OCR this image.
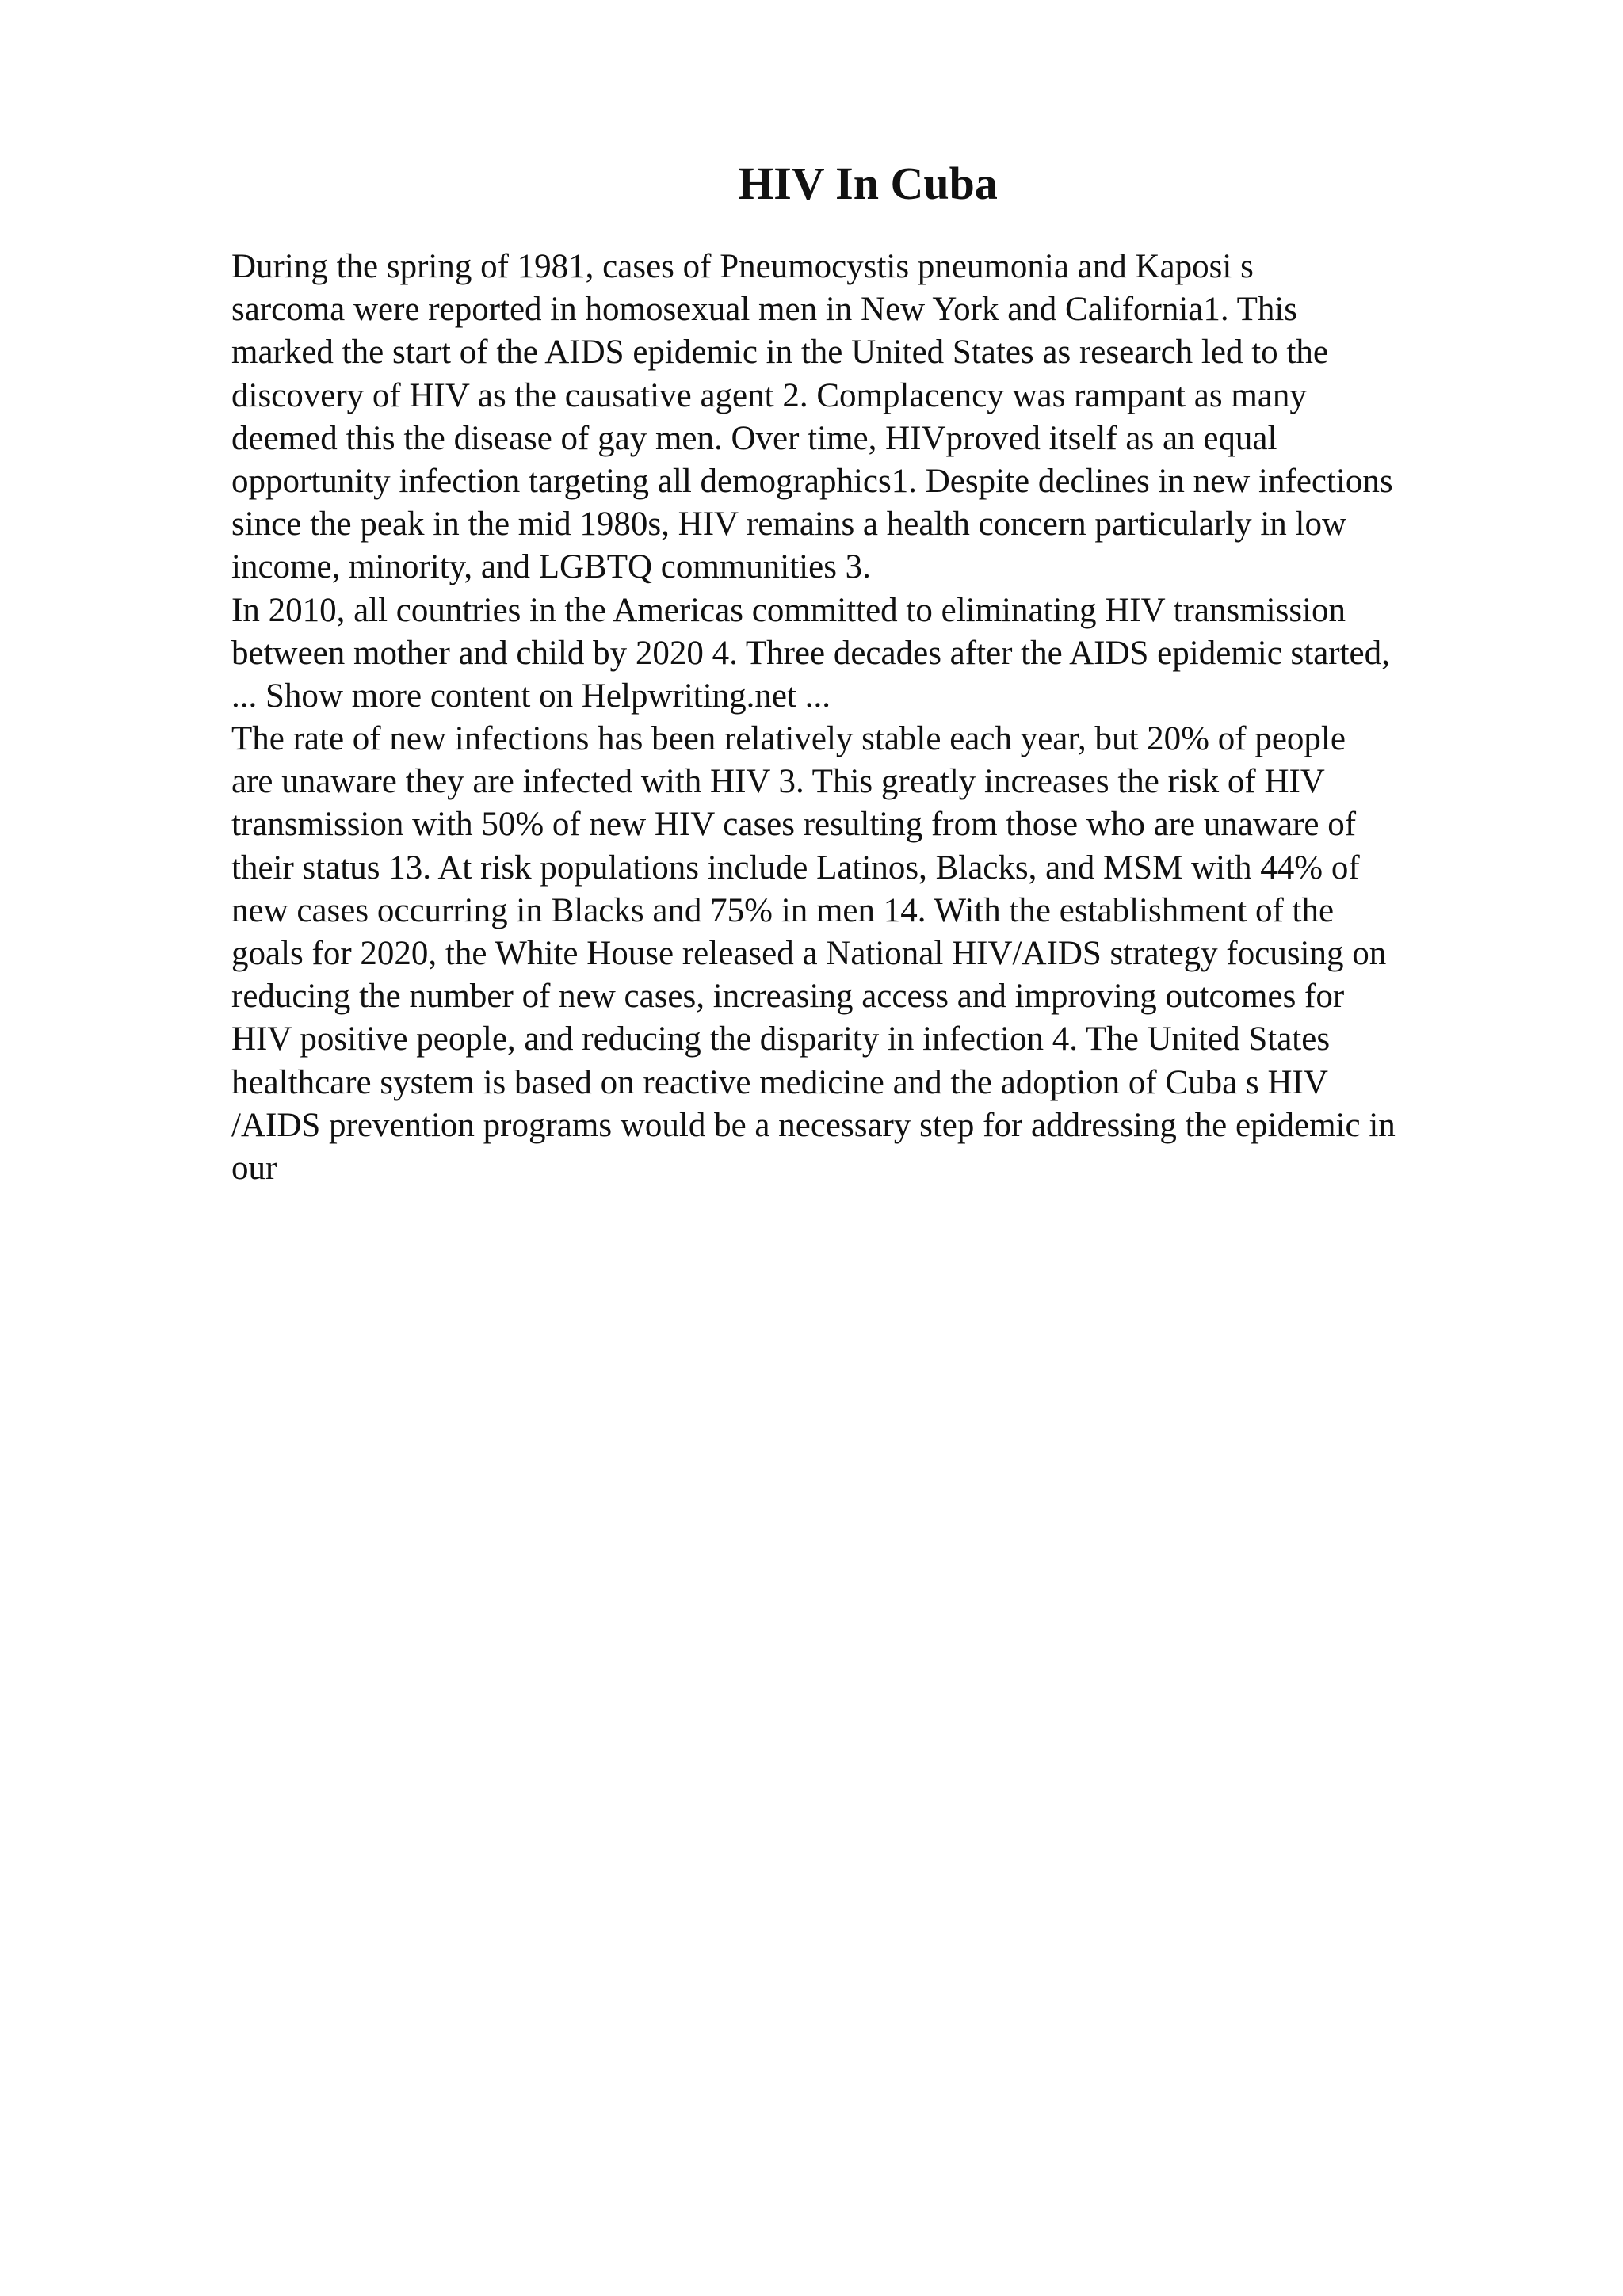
HIV In Cuba
During the spring of 1981, cases of Pneumocystis pneumonia and Kaposi s
sarcoma were reported in homosexual men in New York and California1. This
marked the start of the AIDS epidemic in the United States as research led to the
discovery of HIV as the causative agent 2. Complacency was rampant as many
deemed this the disease of gay men. Over time, HIVproved itself as an equal
opportunity infection targeting all demographics1. Despite declines in new infections
since the peak in the mid 1980s, HIV remains a health concern particularly in low
income, minority, and LGBTQ communities 3.
In 2010, all countries in the Americas committed to eliminating HIV transmission
between mother and child by 2020 4. Three decades after the AIDS epidemic started,
... Show more content on Helpwriting.net ...
The rate of new infections has been relatively stable each year, but 20% of people
are unaware they are infected with HIV 3. This greatly increases the risk of HIV
transmission with 50% of new HIV cases resulting from those who are unaware of
their status 13. At risk populations include Latinos, Blacks, and MSM with 44% of
new cases occurring in Blacks and 75% in men 14. With the establishment of the
goals for 2020, the White House released a National HIV/AIDS strategy focusing on
reducing the number of new cases, increasing access and improving outcomes for
HIV positive people, and reducing the disparity in infection 4. The United States
healthcare system is based on reactive medicine and the adoption of Cuba s HIV
/AIDS prevention programs would be a necessary step for addressing the epidemic in
our
